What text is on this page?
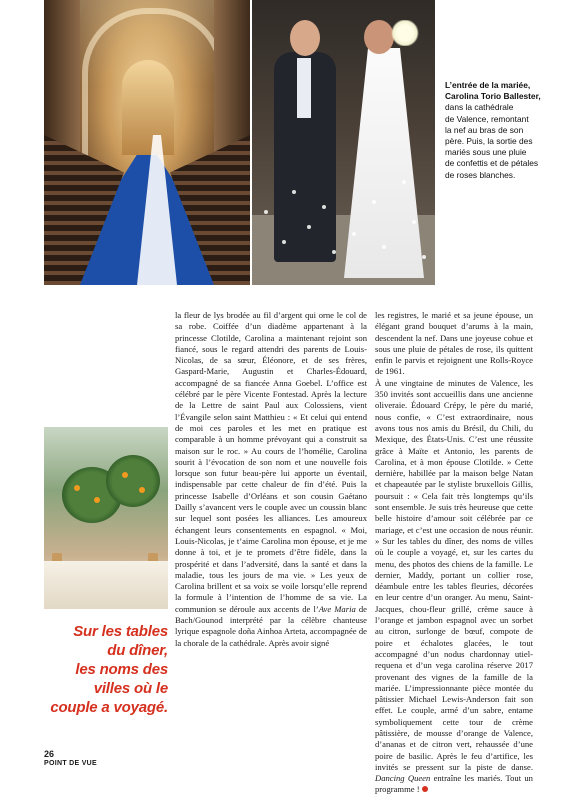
L’entrée de la mariée,
Carolina Torio Ballester,
dans la cathédrale
de Valence, remontant
la nef au bras de son
père. Puis, la sortie des
mariés sous une pluie
de confettis et de pétales
de roses blanches.
Sur les tables
du dîner,
les noms des
villes où le
couple a voyagé.

la fleur de lys brodée au fil d’argent qui orne le col de sa robe. Coiffée d’un diadème appartenant à la princesse Clotilde, Carolina a maintenant rejoint son fiancé, sous le regard attendri des parents de Louis-Nicolas, de sa sœur, Éléonore, et de ses frères, Gaspard-Marie, Augustin et Charles-Édouard, accompagné de sa fiancée Anna Goebel. L’office est célébré par le père Vicente Fontestad. Après la lecture de la Lettre de saint Paul aux Colossiens, vient l’Évangile selon saint Matthieu : « Et celui qui entend de moi ces paroles et les met en pratique est comparable à un homme prévoyant qui a construit sa maison sur le roc. » Au cours de l’homélie, Carolina sourit à l’évocation de son nom et une nouvelle fois lorsque son futur beau-père lui apporte un éventail, indispensable par cette chaleur de fin d’été. Puis la princesse Isabelle d’Orléans et son cousin Gaétano Dailly s’avancent vers le couple avec un coussin blanc sur lequel sont posées les alliances. Les amoureux échangent leurs consentements en espagnol. « Moi, Louis-Nicolas, je t’aime Carolina mon épouse, et je me donne à toi, et je te promets d’être fidèle, dans la prospérité et dans l’adversité, dans la santé et dans la maladie, tous les jours de ma vie. » Les yeux de Carolina brillent et sa voix se voile lorsqu’elle reprend la formule à l’intention de l’homme de sa vie. La communion se déroule aux accents de l’Ave Maria de Bach/Gounod interprété par la célèbre chanteuse lyrique espagnole doña Ainhoa Arteta, accompagnée de la chorale de la cathédrale. Après avoir signé

les registres, le marié et sa jeune épouse, un élégant grand bouquet d’arums à la main, descendent la nef. Dans une joyeuse cohue et sous une pluie de pétales de rose, ils quittent enfin le parvis et rejoignent une Rolls-Royce de 1961.

À une vingtaine de minutes de Valence, les 350 invités sont accueillis dans une ancienne oliveraie. Édouard Crépy, le père du marié, nous confie, « C’est extraordinaire, nous avons tous nos amis du Brésil, du Chili, du Mexique, des États-Unis. C’est une réussite grâce à Maïte et Antonio, les parents de Carolina, et à mon épouse Clotilde. » Cette dernière, habillée par la maison belge Natan et chapeautée par le styliste bruxellois Gillis, poursuit : « Cela fait très longtemps qu’ils sont ensemble. Je suis très heureuse que cette belle histoire d’amour soit célébrée par ce mariage, et c’est une occasion de nous réunir. » Sur les tables du dîner, des noms de villes où le couple a voyagé, et, sur les cartes du menu, des photos des chiens de la famille. Le dernier, Maddy, portant un collier rose, déambule entre les tables fleuries, décorées en leur centre d’un oranger. Au menu, Saint-Jacques, chou-fleur grillé, crème sauce à l’orange et jambon espagnol avec un sorbet au citron, surlonge de bœuf, compote de poire et échalotes glacées, le tout accompagné d’un nodus chardonnay utiel-requena et d’un vega carolina réserve 2017 provenant des vignes de la famille de la mariée. L’impressionnante pièce montée du pâtissier Michael Lewis-Anderson fait son effet. Le couple, armé d’un sabre, entame symboliquement cette tour de crème pâtissière, de mousse d’orange de Valence, d’ananas et de citron vert, rehaussée d’une poire de basilic. Après le feu d’artifice, les invités se pressent sur la piste de danse. Dancing Queen entraîne les mariés. Tout un programme !

26
POINT DE VUE
